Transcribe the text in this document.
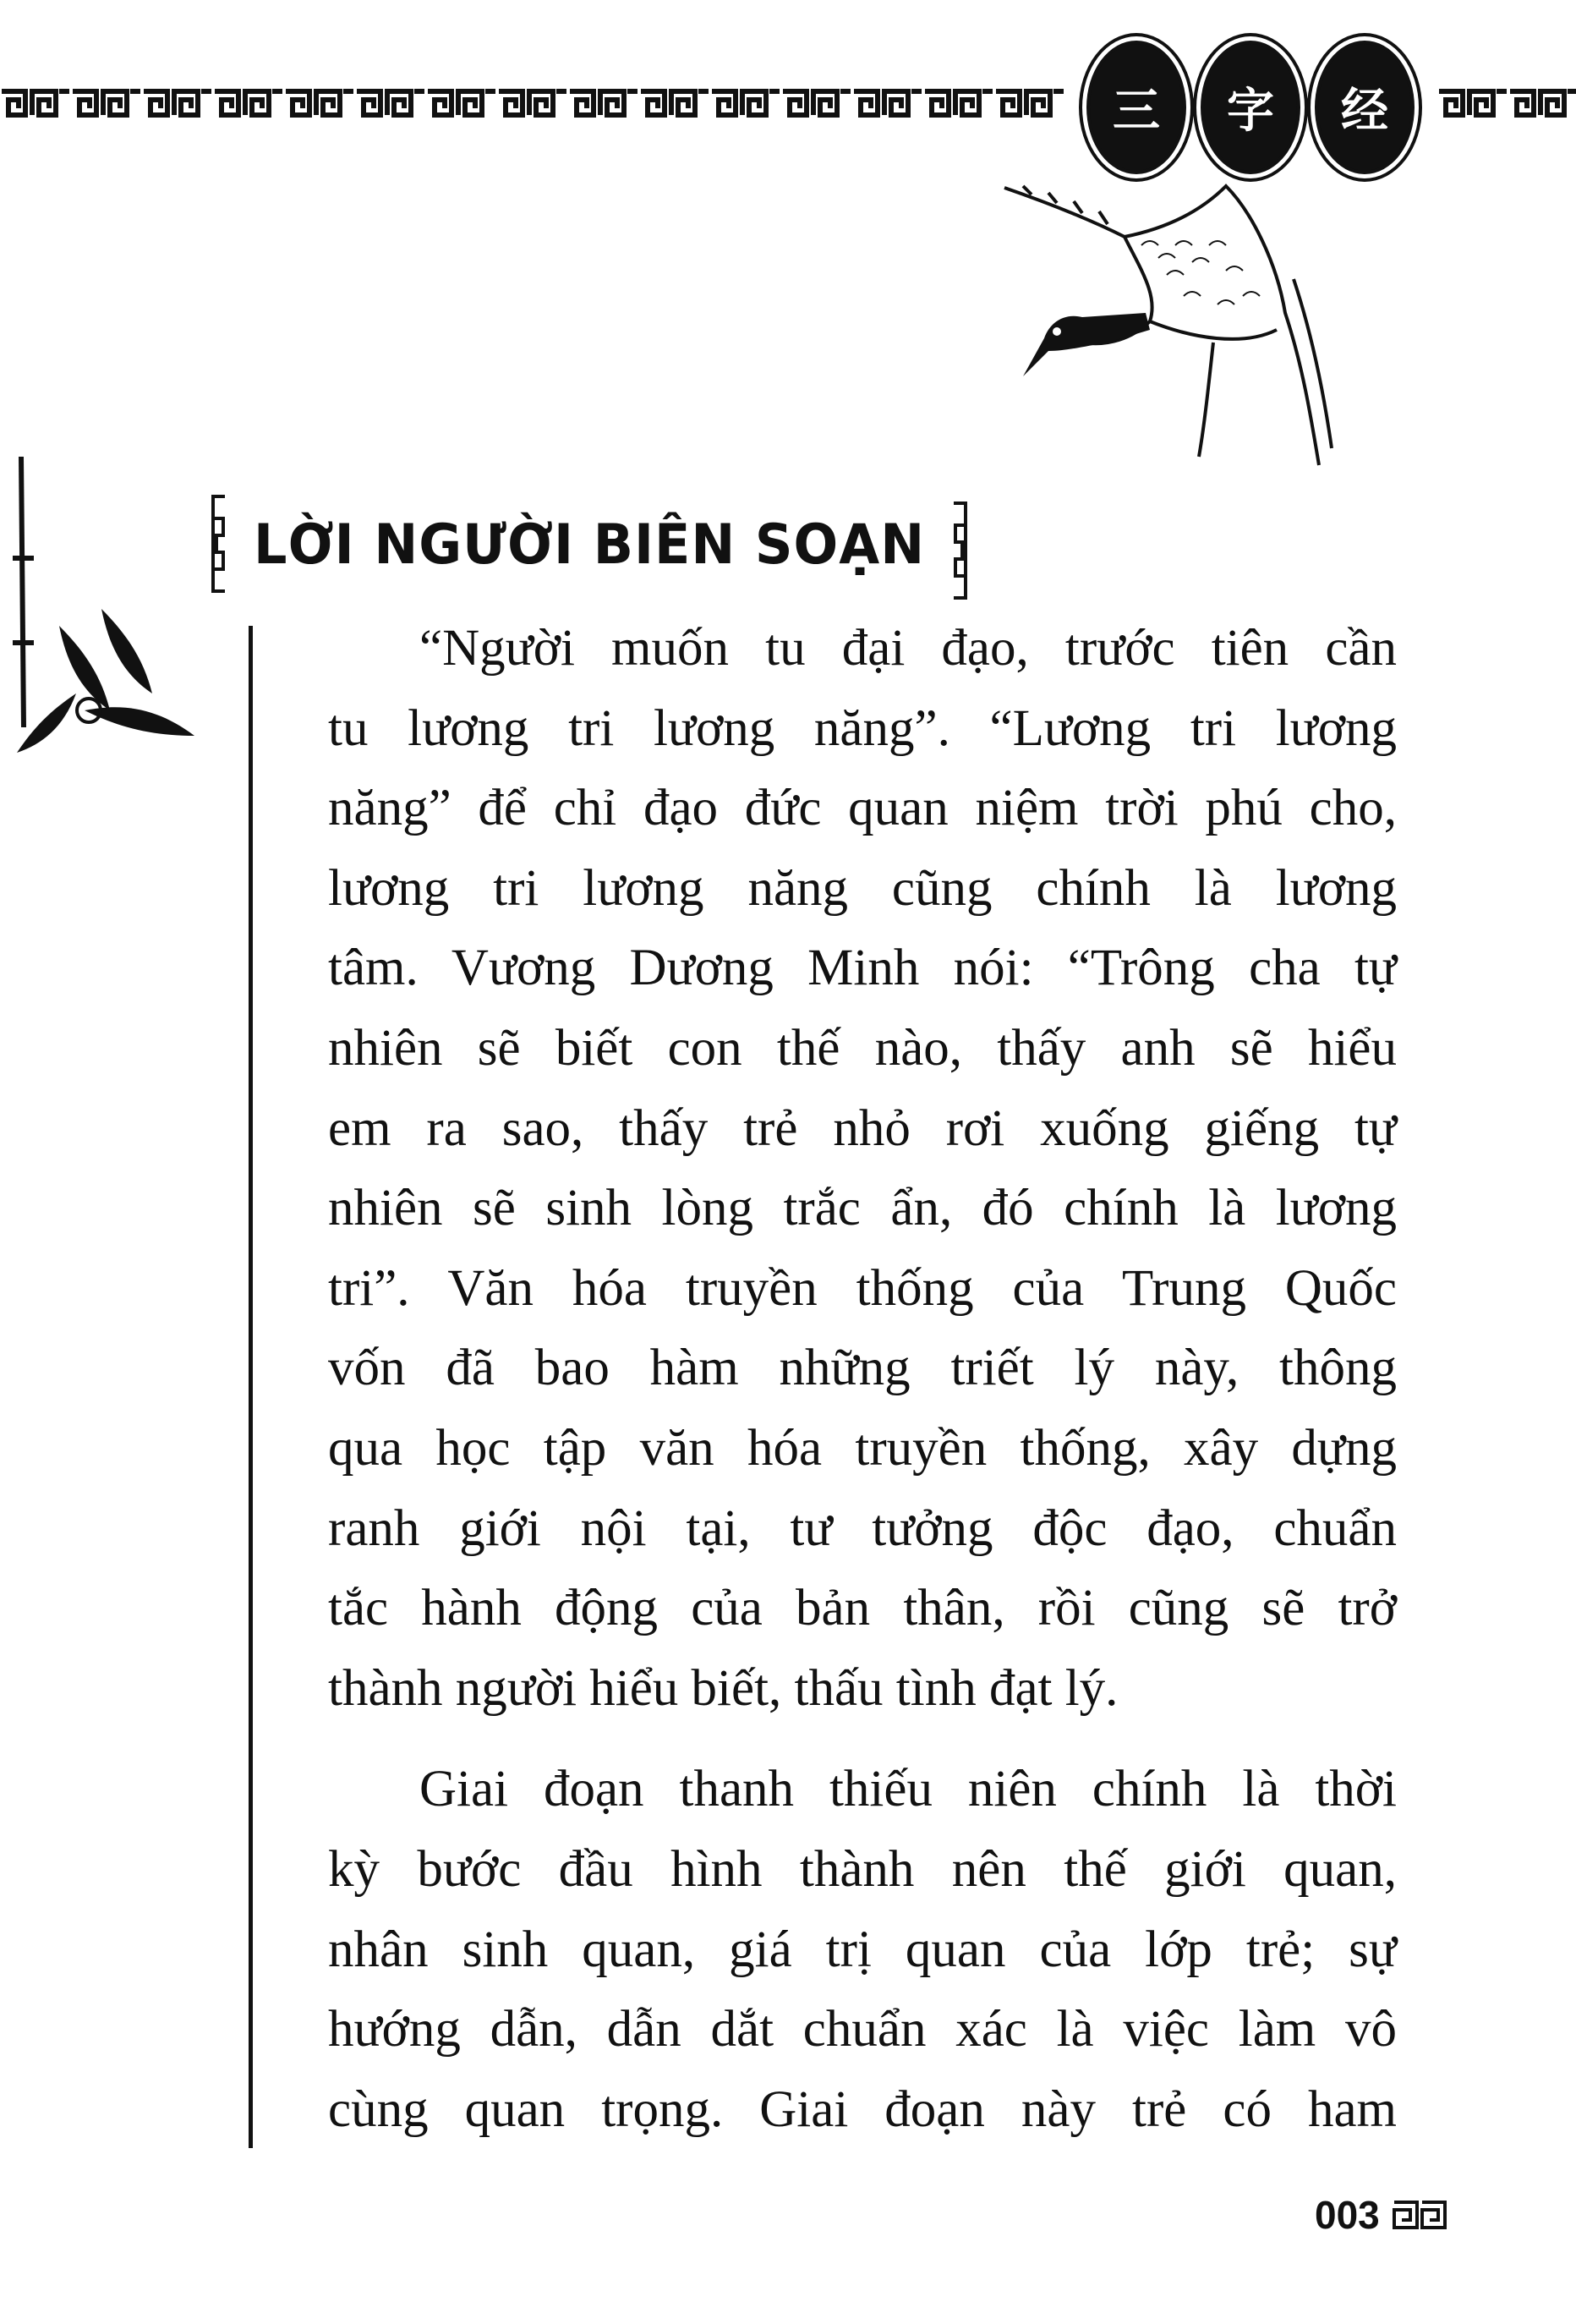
三 字 经
LỜI NGƯỜI BIÊN SOẠN
“Người muốn tu đại đạo, trước tiên cần
tu lương tri lương năng”. “Lương tri lương
năng” để chỉ đạo đức quan niệm trời phú cho,
lương tri lương năng cũng chính là lương
tâm. Vương Dương Minh nói: “Trông cha tự
nhiên sẽ biết con thế nào, thấy anh sẽ hiểu
em ra sao, thấy trẻ nhỏ rơi xuống giếng tự
nhiên sẽ sinh lòng trắc ẩn, đó chính là lương
tri”. Văn hóa truyền thống của Trung Quốc
vốn đã bao hàm những triết lý này, thông
qua học tập văn hóa truyền thống, xây dựng
ranh giới nội tại, tư tưởng độc đạo, chuẩn
tắc hành động của bản thân, rồi cũng sẽ trở
thành người hiểu biết, thấu tình đạt lý.
Giai đoạn thanh thiếu niên chính là thời
kỳ bước đầu hình thành nên thế giới quan,
nhân sinh quan, giá trị quan của lớp trẻ; sự
hướng dẫn, dẫn dắt chuẩn xác là việc làm vô
cùng quan trọng. Giai đoạn này trẻ có ham
003
